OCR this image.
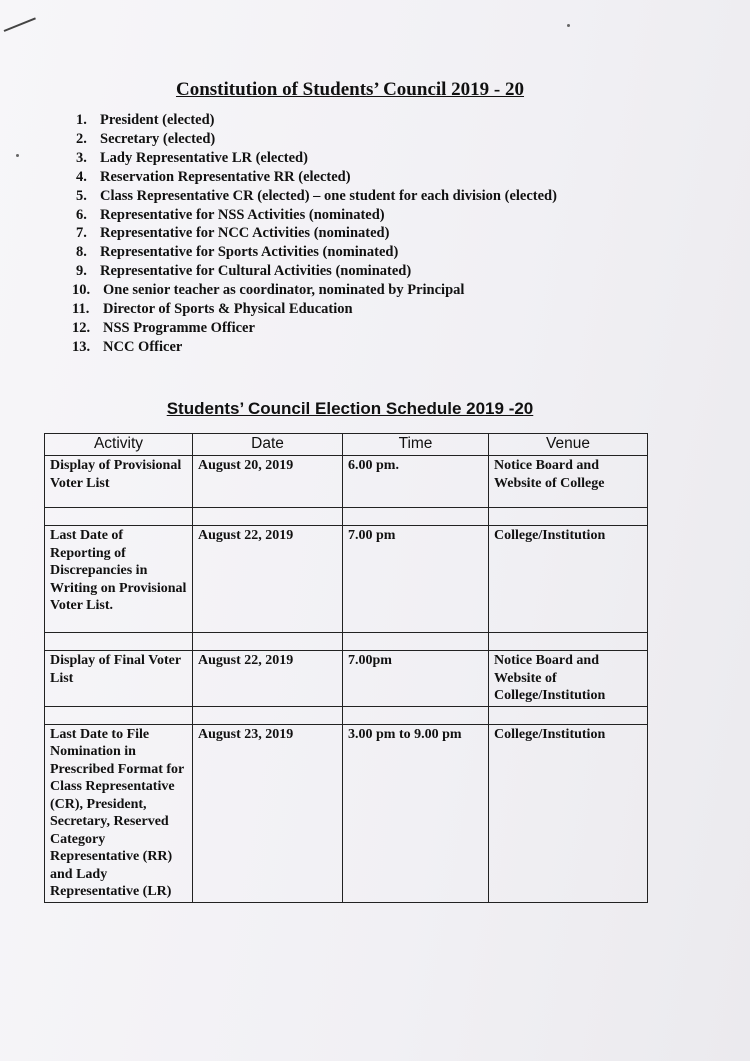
Constitution of Students’ Council 2019 - 20
1. President (elected)
2. Secretary (elected)
3. Lady Representative LR (elected)
4. Reservation Representative RR (elected)
5. Class Representative CR (elected) – one student for each division (elected)
6. Representative for NSS Activities (nominated)
7. Representative for NCC Activities (nominated)
8. Representative for Sports Activities (nominated)
9. Representative for Cultural Activities (nominated)
10. One senior teacher as coordinator, nominated by Principal
11. Director of Sports & Physical Education
12. NSS Programme Officer
13. NCC Officer
Students’ Council Election Schedule 2019 -20
Activity	Date	Time	Venue
Display of Provisional Voter List	August 20, 2019	6.00 pm.	Notice Board and Website of College

Last Date of Reporting of Discrepancies in Writing on Provisional Voter List.	August 22, 2019	7.00 pm	College/Institution

Display of Final Voter List	August 22, 2019	7.00pm	Notice Board and Website of College/Institution

Last Date to File Nomination in Prescribed Format for Class Representative (CR), President, Secretary, Reserved Category Representative (RR) and Lady Representative (LR)	August 23, 2019	3.00 pm to 9.00 pm	College/Institution
